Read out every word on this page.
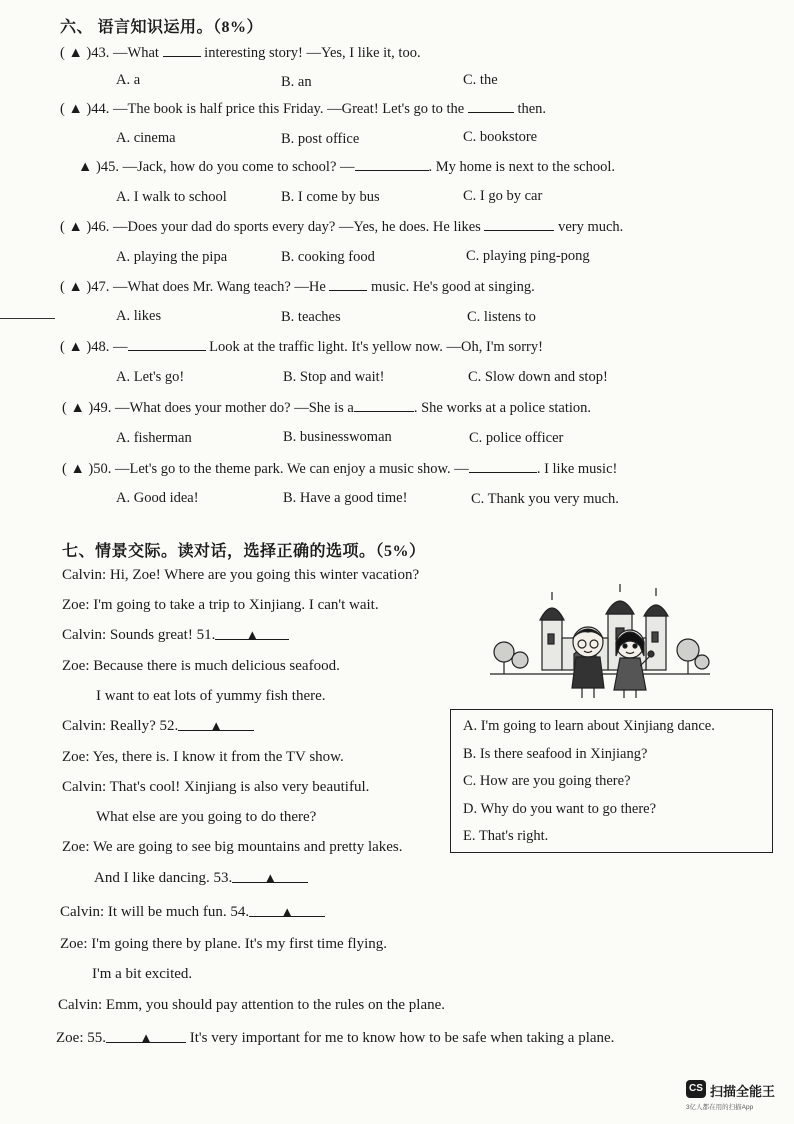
六、 语言知识运用。（8%）
( ▲ )43. —What	interesting story! —Yes, I like it, too.
A. a	B. an	C. the
( ▲ )44. —The book is half price this Friday. —Great! Let's go to the	then.
A. cinema	B. post office	C. bookstore
▲ )45. —Jack, how do you come to school? —	. My home is next to the school.
A. I walk to school	B. I come by bus	C. I go by car
( ▲ )46. —Does your dad do sports every day? —Yes, he does. He likes	very much.
A. playing the pipa	B. cooking food	C. playing ping-pong
( ▲ )47. —What does Mr. Wang teach? —He	music. He's good at singing.
A. likes	B. teaches	C. listens to
( ▲ )48. —	Look at the traffic light. It's yellow now. —Oh, I'm sorry!
A. Let's go!	B. Stop and wait!	C. Slow down and stop!
( ▲ )49. —What does your mother do? —She is a	. She works at a police station.
A. fisherman	B. businesswoman	C. police officer
( ▲ )50. —Let's go to the theme park. We can enjoy a music show. —	. I like music!
A. Good idea!	B. Have a good time!	C. Thank you very much.
七、情景交际。读对话，选择正确的选项。（5%）
Calvin: Hi, Zoe! Where are you going this winter vacation?
Zoe: I'm going to take a trip to Xinjiang. I can't wait.
Calvin: Sounds great! 51. ▲
Zoe: Because there is much delicious seafood.
I want to eat lots of yummy fish there.
Calvin: Really? 52. ▲
Zoe: Yes, there is. I know it from the TV show.
Calvin: That's cool! Xinjiang is also very beautiful.
What else are you going to do there?
Zoe: We are going to see big mountains and pretty lakes.
And I like dancing. 53. ▲
Calvin: It will be much fun. 54. ▲
Zoe: I'm going there by plane. It's my first time flying.
I'm a bit excited.
Calvin: Emm, you should pay attention to the rules on the plane.
Zoe: 55.	▲ It's very important for me to know how to be safe when taking a plane.
A. I'm going to learn about Xinjiang dance.
B. Is there seafood in Xinjiang?
C. How are you going there?
D. Why do you want to go there?
E. That's right.
CS 扫描全能王
3亿人都在用的扫描App
